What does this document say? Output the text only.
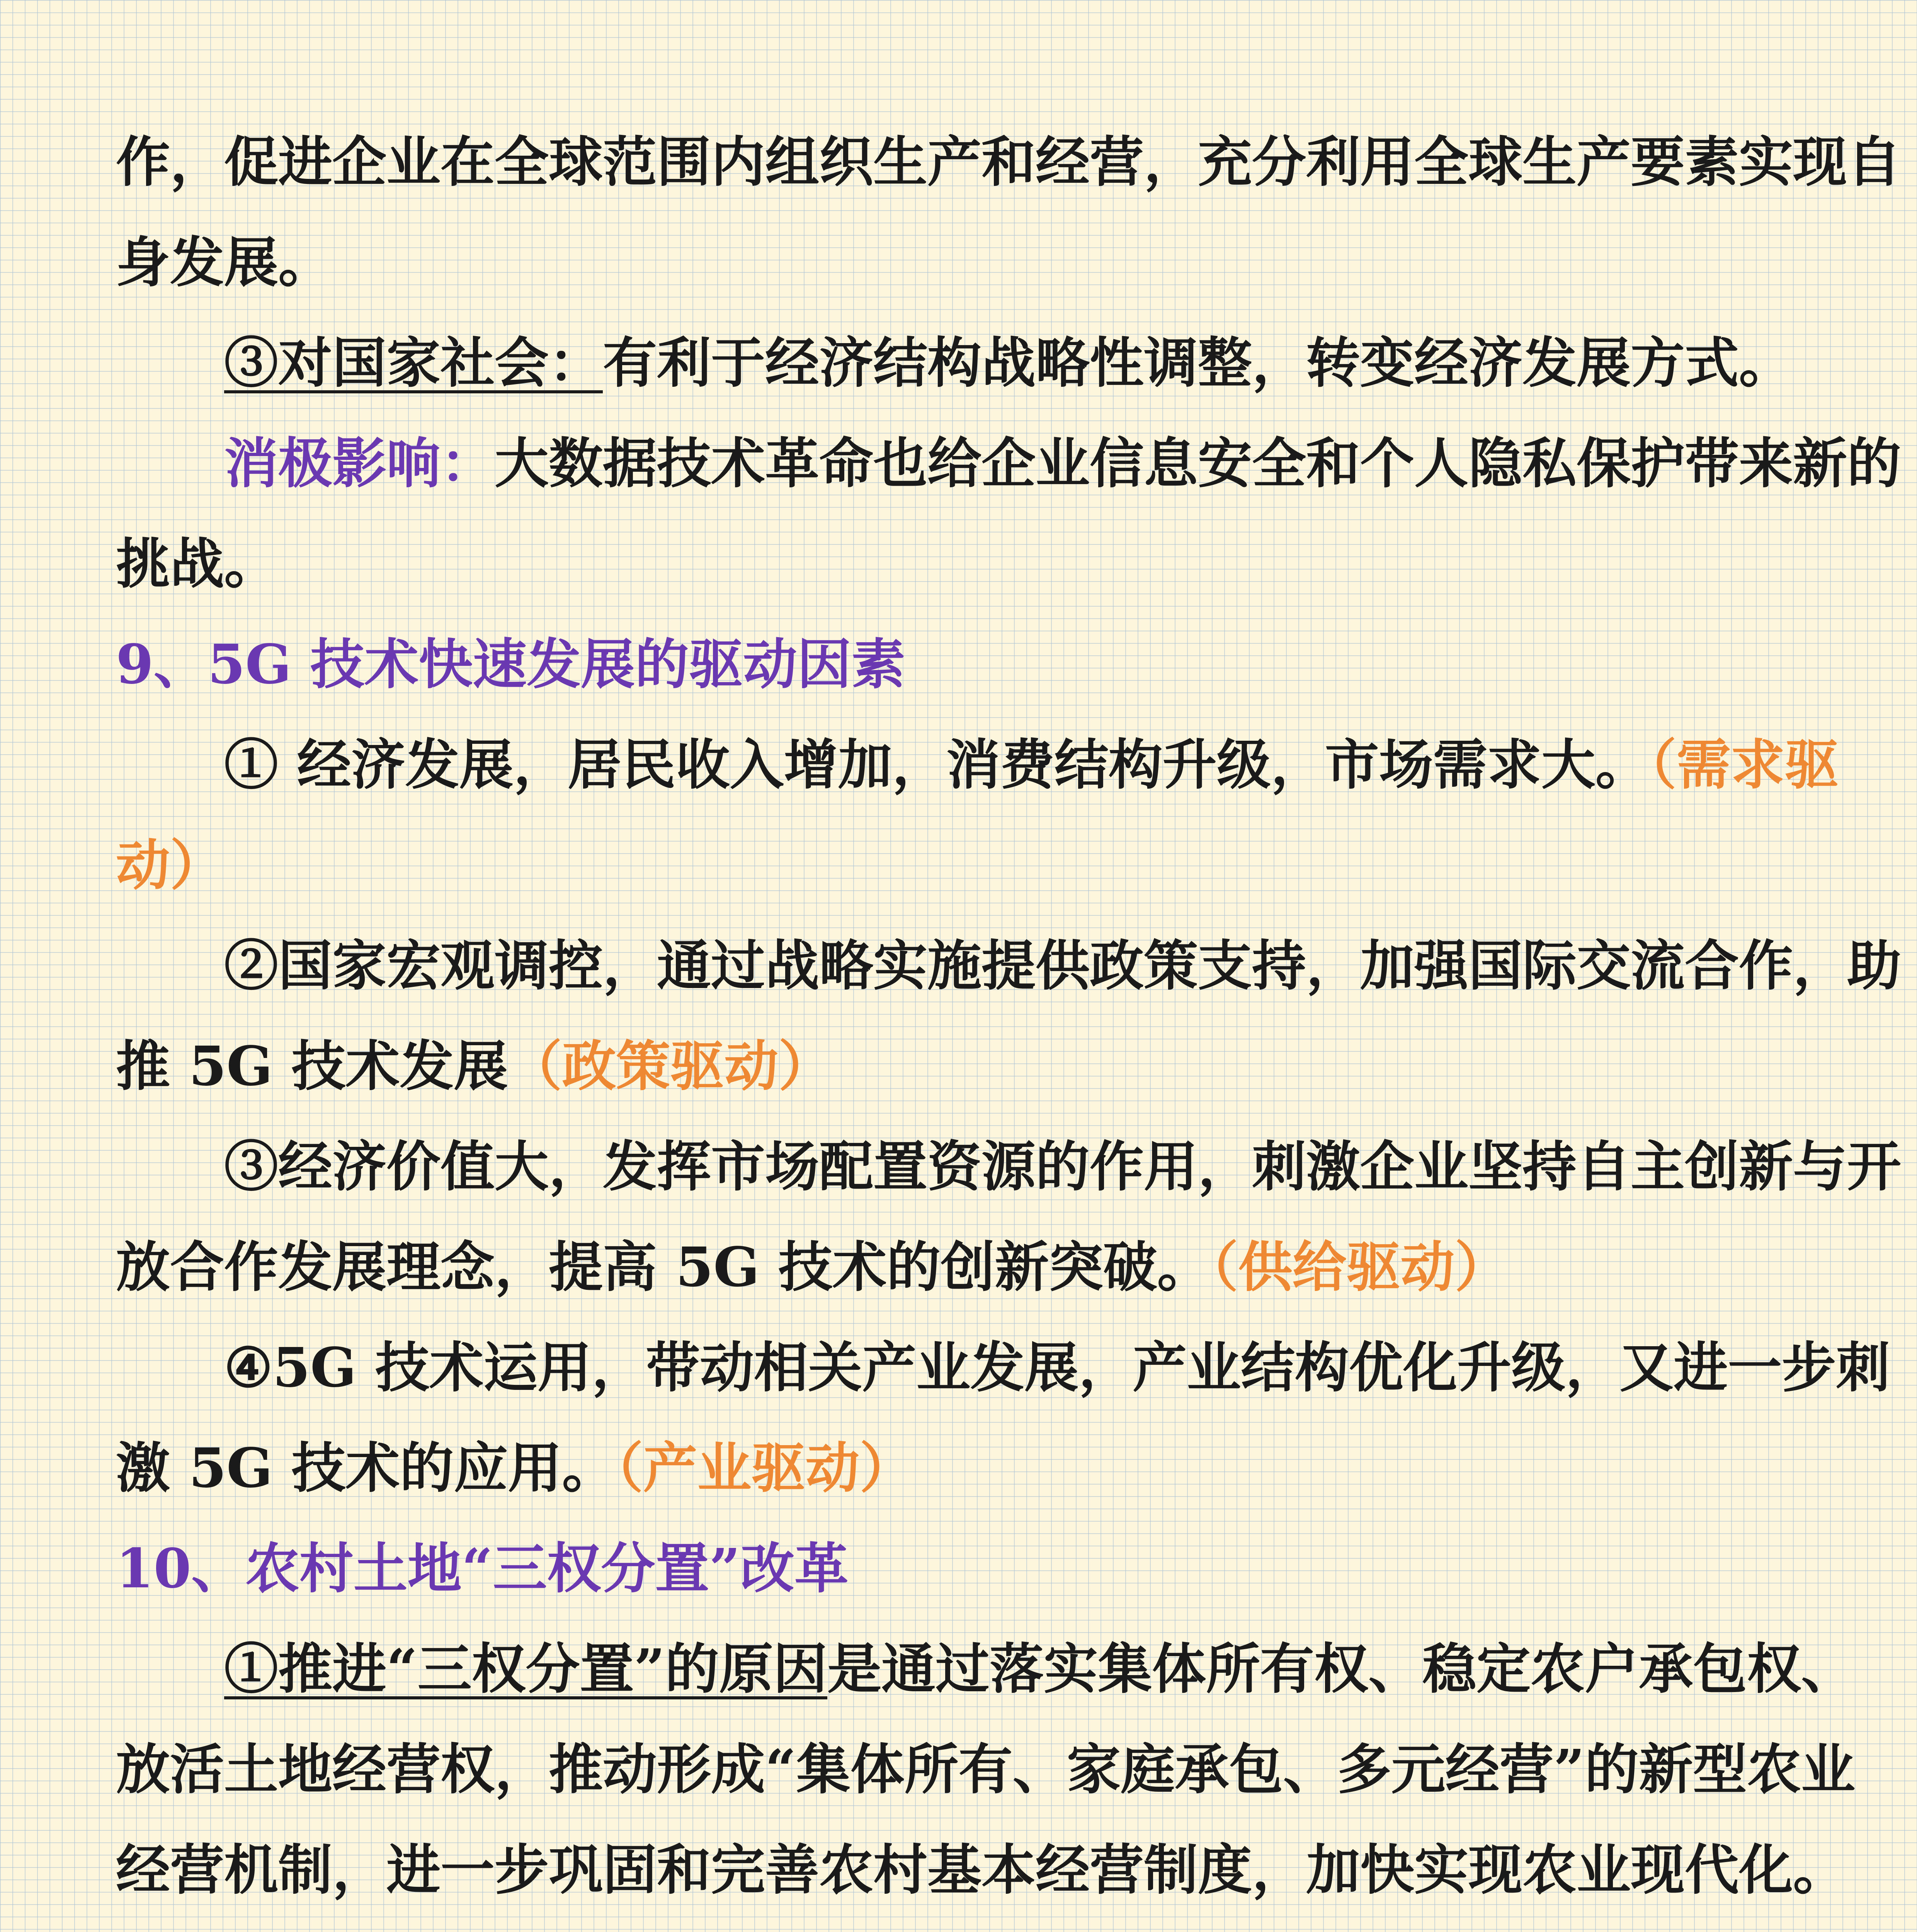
作，促进企业在全球范围内组织生产和经营，充分利用全球生产要素实现自
身发展。
③对国家社会：有利于经济结构战略性调整，转变经济发展方式。
消极影响：大数据技术革命也给企业信息安全和个人隐私保护带来新的
挑战。
9、5G 技术快速发展的驱动因素
① 经济发展，居民收入增加，消费结构升级，市场需求大。（需求驱
动）
②国家宏观调控，通过战略实施提供政策支持，加强国际交流合作，助
推 5G 技术发展（政策驱动）
③经济价值大，发挥市场配置资源的作用，刺激企业坚持自主创新与开
放合作发展理念，提高 5G 技术的创新突破。（供给驱动）
④5G 技术运用，带动相关产业发展，产业结构优化升级，又进一步刺
激 5G 技术的应用。（产业驱动）
10、农村土地“三权分置”改革
①推进“三权分置”的原因是通过落实集体所有权、稳定农户承包权、
放活土地经营权，推动形成“集体所有、家庭承包、多元经营”的新型农业
经营机制，进一步巩固和完善农村基本经营制度，加快实现农业现代化。
